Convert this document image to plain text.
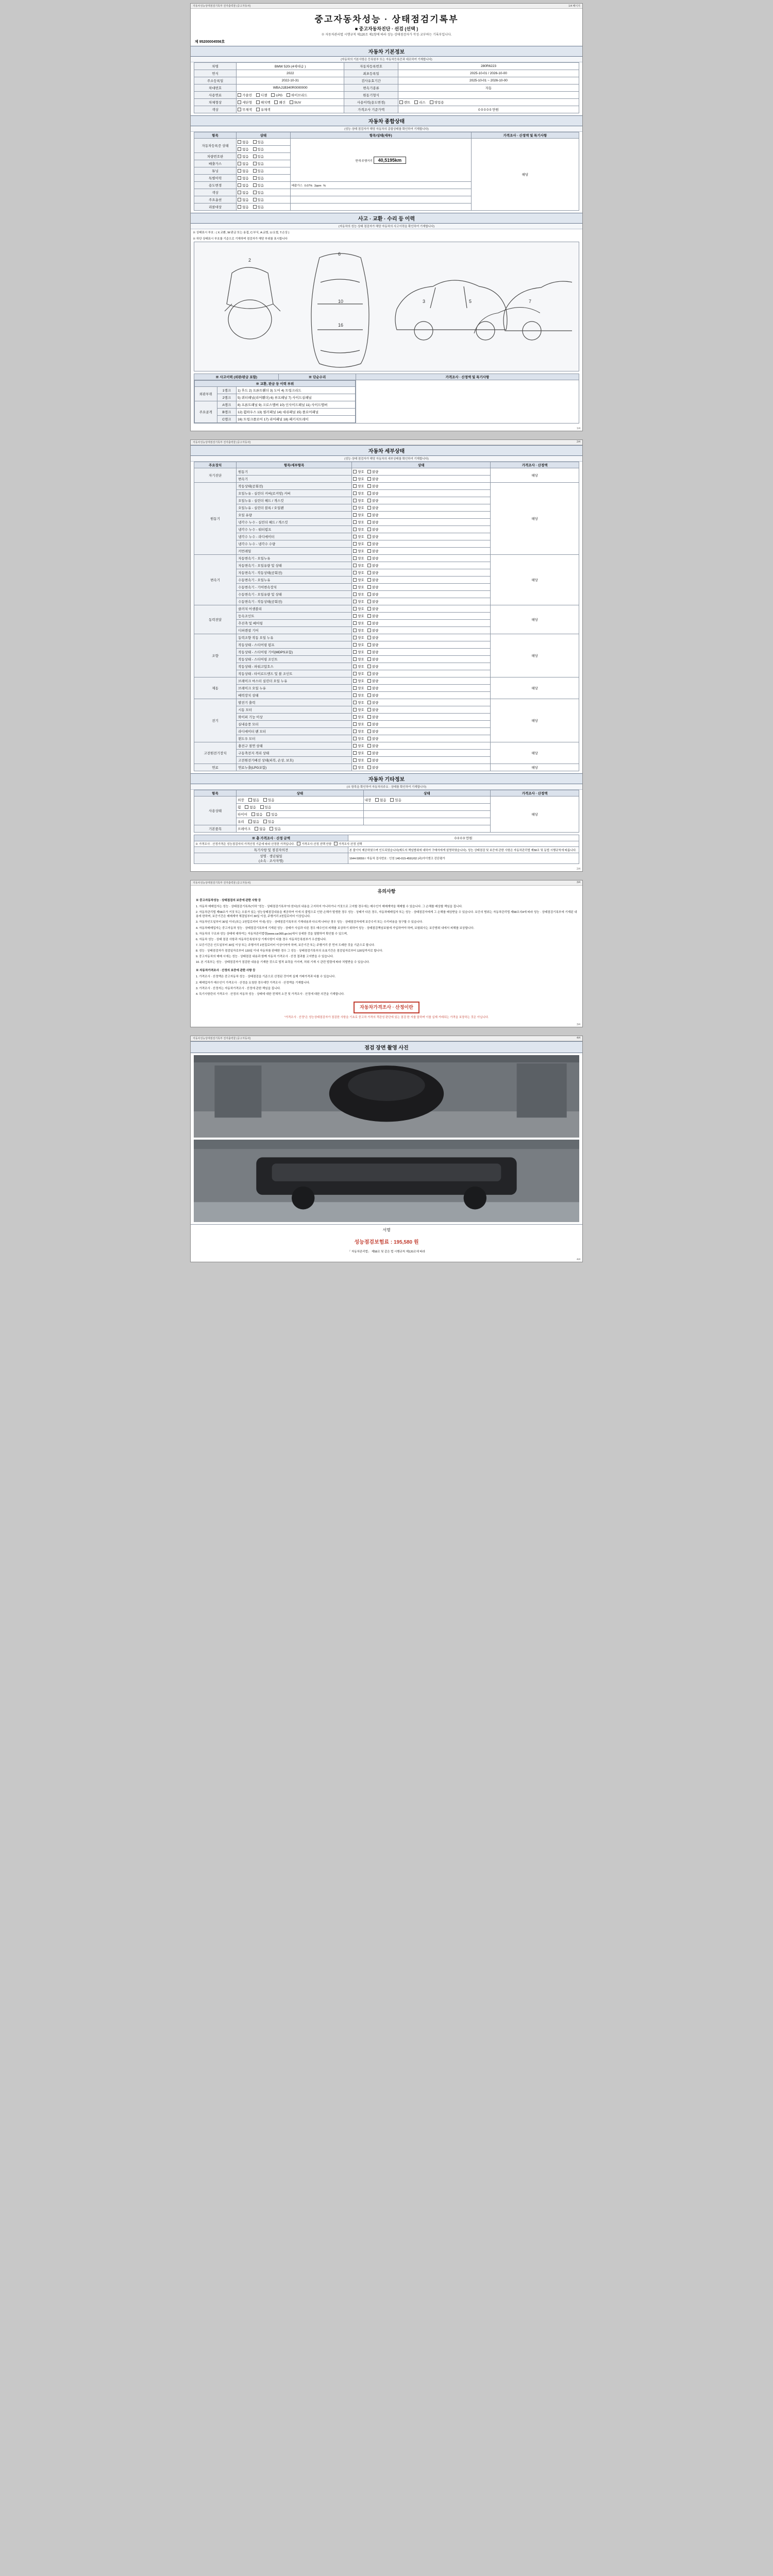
자동차성능상태점검기록부 전자출력물 (중고자동차)	1/4 페이지
중고자동차성능 · 상태점검기록부
■ 중고자동차진단 · 선검 (선택 )
※ 자동차관리법 시행규칙 제120조 제1항에 따라 성능·상태점검자가 작성·교부하는 기록부입니다.
제 95200004556호
자동차 기본정보
(자동차의 기본사항은 등록원부 또는 자동차등록증과 대조하여 기재합니다)
차명	BMW 520i (4세대급 )	자동차등록번호	280R6223
연식	2022	최초등록일	2025-10-01 / 2026-10-00
주소등록일	2022-10-31	검사유효기간	2025-10-01 ~ 2026-10-00
차대번호	WBAJ1B340R0000000	변속기종류	자동
사용연료	가솔린 디젤 LPG 하이브리드	원동기형식	
차체형상	세단형 해치백 왜건 SUV	사용이력(용도변경)	렌트 리스 영업용
색상	무채색 유채색	가격조사 기준가액	0 0 0 0 0 만원
자동차 종합상태
(성능·상태 점검자가 해당 자동차의 종합상태를 확인하여 기재합니다)
항목	상태	항목/상태(세부)	가격조사 · 산정액 및 특기사항
자동차등록증 상태	없음 있음	현재 주행거리 40,5195km	해당
	없음 있음		
차량번호판	없음 있음		
배출가스	없음 있음		
튜닝	없음 있음		
특별이력	없음 있음		
용도변경	없음 있음	배출가스 0.07% 2ppm %	
색상	없음 있음		
주요옵션	없음 있음		
리콜대상	없음 있음		
사고 · 교환 · 수리 등 이력
(자동차의 성능·상태 점검자가 해당 자동차의 사고이력을 확인하여 기재합니다)
※ 상태표시 부호 : ( X:교환, W:판금 또는 용접, C:부식, A:긁힘, U:요철, T:손상 )
※ 하단 상태표시 부호를 기준으로 기재하며 점검자가 해당 부위를 표시합니다
2
6
10
16
3	5	7
※ 사고이력 (외판/판금 포함)	※ 단순수리	가격조사 · 산정액 및 특기사항

※ 교환, 판금 등 이력 부위
외판부위	1랭크	1) 후드 2) 프론트휀더 3) 도어 4) 트렁크리드
2랭크	5) 쿼터패널(리어휀더) 6) 루프패널 7) 사이드실패널
주요골격	A랭크	8) 프론트패널 9) 크로스멤버 10) 인사이드패널 11) 사이드멤버
B랭크	12) 휠하우스 13) 필러패널 14) 대쉬패널 15) 플로어패널
C랭크	16) 트렁크플로어 17) 리어패널 18) 패키지트레이

1/4
자동차성능상태점검기록부 전자출력물 (중고자동차)	2/4
자동차 세부상태
(성능·상태 점검자가 해당 자동차의 세부상태를 확인하여 기재합니다)
주요장치	항목/세부항목	상태	가격조사 · 산정액
자기진단	원동기	양호 불량	해당
	변속기	양호 불량	
원동기	작동상태(공회전)	양호 불량	해당
	오일누유 - 실린더 커버(로커암) 커버	양호 불량	
	오일누유 - 실린더 헤드 / 개스킷	양호 불량	
	오일누유 - 실린더 블록 / 오일팬	양호 불량	
	오일 유량	양호 불량	
	냉각수 누수 - 실린더 헤드 / 개스킷	양호 불량	
	냉각수 누수 - 워터펌프	양호 불량	
	냉각수 누수 - 라디에이터	양호 불량	
	냉각수 누수 - 냉각수 수량	양호 불량	
	커먼레일	양호 불량	
변속기	자동변속기 - 오일누유	양호 불량	해당
	자동변속기 - 오일유량 및 상태	양호 불량	
	자동변속기 - 작동상태(공회전)	양호 불량	
	수동변속기 - 오일누유	양호 불량	
	수동변속기 - 기어변속장치	양호 불량	
	수동변속기 - 오일유량 및 상태	양호 불량	
	수동변속기 - 작동상태(공회전)	양호 불량	
동력전달	클러치 어셈블리	양호 불량	해당
	등속조인트	양호 불량	
	추진축 및 베어링	양호 불량	
	디퍼렌셜 기어	양호 불량	
조향	동력조향 작동 오일 누유	양호 불량	해당
	작동상태 - 스티어링 펌프	양호 불량	
	작동상태 - 스티어링 기어(MDPS포함)	양호 불량	
	작동상태 - 스티어링 조인트	양호 불량	
	작동상태 - 파워고압호스	양호 불량	
	작동상태 - 타이로드엔드 및 볼 조인트	양호 불량	
제동	브레이크 마스터 실린더 오일 누유	양호 불량	해당
	브레이크 오일 누유	양호 불량	
	배력장치 상태	양호 불량	
전기	발전기 출력	양호 불량	해당
	시동 모터	양호 불량	
	와이퍼 기능 이상	양호 불량	
	실내송풍 모터	양호 불량	
	라디에이터 팬 모터	양호 불량	
	윈도우 모터	양호 불량	
고전원전기장치	충전구 절연 상태	양호 불량	해당
	구동축전지 격리 상태	양호 불량	
	고전원전기배선 상태(피복, 손상, 보호)	양호 불량	
연료	연료누출(LPG포함)	양호 불량	해당
자동차 기타정보
(※ 항목을 확인하여 자동차의주요 · 상태를 확인하여 기재합니다)
항목	상태	상태	가격조사 · 산정액
사용상태	외장 없음 있음	내장 없음 있음	해당
	휠 없음 있음		
	타이어 없음 있음		
	유리 없음 있음		
기본품목	브레이크 없음 있음		
※ 총 가격조사 · 산정 금액	0 0 0 0 만원
※ 가격조사 · 산정가격은 성능점검자의 가격산정 기준에 따라 산정한 가격입니다. 가격조사·산정 선택 안함 가격조사·산정 선택	
특기사항 및 점검자의견	본 불이익 제공하였으며 인도되었습니다(제도의 책임범위에 대하여 구매자에게 설명하였습니다). 성능·상태점검 및 보증에 관한 사항은 자동차관리법 제58조 및 동법 시행규칙에 따릅니다.
성명 · 생년월일
(소속 · 조사자명)	1644-59559 / 자동차 검사번호 : 인천 140-015-4591/02 (주)아이앤크 진단평가
2/4
자동차성능상태점검기록부 전자출력물 (중고자동차)	3/4
유의사항
※ 중고자동차성능 · 상태점검의 보증에 관한 사항 등
1. 자동차 매매업자는 성능 · 상태점검기록부(이하 "성능 · 상태점검기록부"라 한다)의 내용을 고지하지 아니하거나 거짓으로 고지할 경우에는 매수인이 매매계약을 해제할 수 있습니다. 그 손해를 배상할 책임을 집니다.
2. 자동차관리법 제58조가 거짓 또는 오류가 있는 성능상태점검내용을 제공하여 이에 의 불법으로 인한 손해가 발생한 경우 성능 · 상태가 다른 경우, 자동차매매업자 또는 성능 · 상태점검자에게 그 손해를 배상받을 수 있습니다. 보증의 범위는 자동차관리법 제58조의4에 따라 성능 · 상태점검기록부에 기재된 내용에 한하며, 보증기간은 매매계약 체결일부터 30일 이상, 주행거리 2천킬로미터 이상입니다.
3. 자동차인도일부터 30일 이내 (또는 2천킬로미터 이내) 성능 · 상태점검기록부의 기재내용과 다르게 나타난 경우 성능 · 상태점검자에게 보증수리 또는 수리비용을 청구할 수 있습니다.
4. 자동차매매업자는 중고자동차 성능 · 상태점검기록부에 기재된 성능 · 상태가 사실과 다른 경우 매수인의 피해를 보상하기 위하여 성능 · 상태점검책임보험에 가입하여야 하며, 보험회사는 보증범위 내에서 피해를 보상합니다.
5. 자동차의 구조와 성능 상태에 대하여는 자동차관리법령(www.car365.go.kr)에서 상세한 것을 열람하여 확인할 수 있으며,
6. 자동차 성능 · 상태 점검 사항과 자동차등록원부상 기재사항이 다를 경우 자동차등록원부가 우선합니다.
7. 보증기간은 인도일부터 30일 이상 또는 주행거리 2천킬로미터 이상이어야 하며, 보증기간 또는 주행거리 중 먼저 도래한 것을 기준으로 합니다.
8. 성능 · 상태점검자가 점검일자로부터 120일 이내 자동차를 판매한 경우 그 성능 · 상태점검기록부의 유효기간은 점검일자로부터 120일까지로 합니다.
9. 중고자동차의 매매 시에는 성능 · 상태점검 내용과 함께 자동차 가격조사 · 산정 결과를 고지받을 수 있습니다.
10. 본 기록부는 성능 · 상태점검자가 점검한 내용을 기재한 것으로 법적 효력을 가지며, 허위 기재 시 관련 법령에 따라 처벌받을 수 있습니다.
※ 자동차가격조사 · 산정의 보증에 관한 사항 등
1. 가격조사 · 산정액은 중고자동차 성능 · 상태점검을 기준으로 산정된 것이며 실제 거래가격과 다를 수 있습니다.
2. 매매업자가 매수인이 가격조사 · 산정을 요청한 경우에만 가격조사 · 산정액을 기재합니다.
3. 가격조사 · 산정자는 자동차가격조사 · 산정에 관한 책임을 집니다.
4. 특기사항란의 가격조사 · 산정의 자동차 성능 · 상태에 대한 전체적 소견 및 가격조사 · 산정에 대한 의견을 기재합니다.
자동차가격조사 · 산정이란
"가격조사 · 산정"은 성능상태점검자가 점검한 사항을 기초로 중고차 가격의 객관성 판단에 있는 점검 한 자를 말하며 이를 실제 거래되는 가격을 보장하는 것은 아닙니다.
3/4
자동차성능상태점검기록부 전자출력물 (중고자동차)	4/4
점검 장면 촬영 사진
서명
성능점검보험료 : 195,580 원
「 자동차관리법」 제58조 및 같은 법 시행규칙 제120조에 따라
4/4
